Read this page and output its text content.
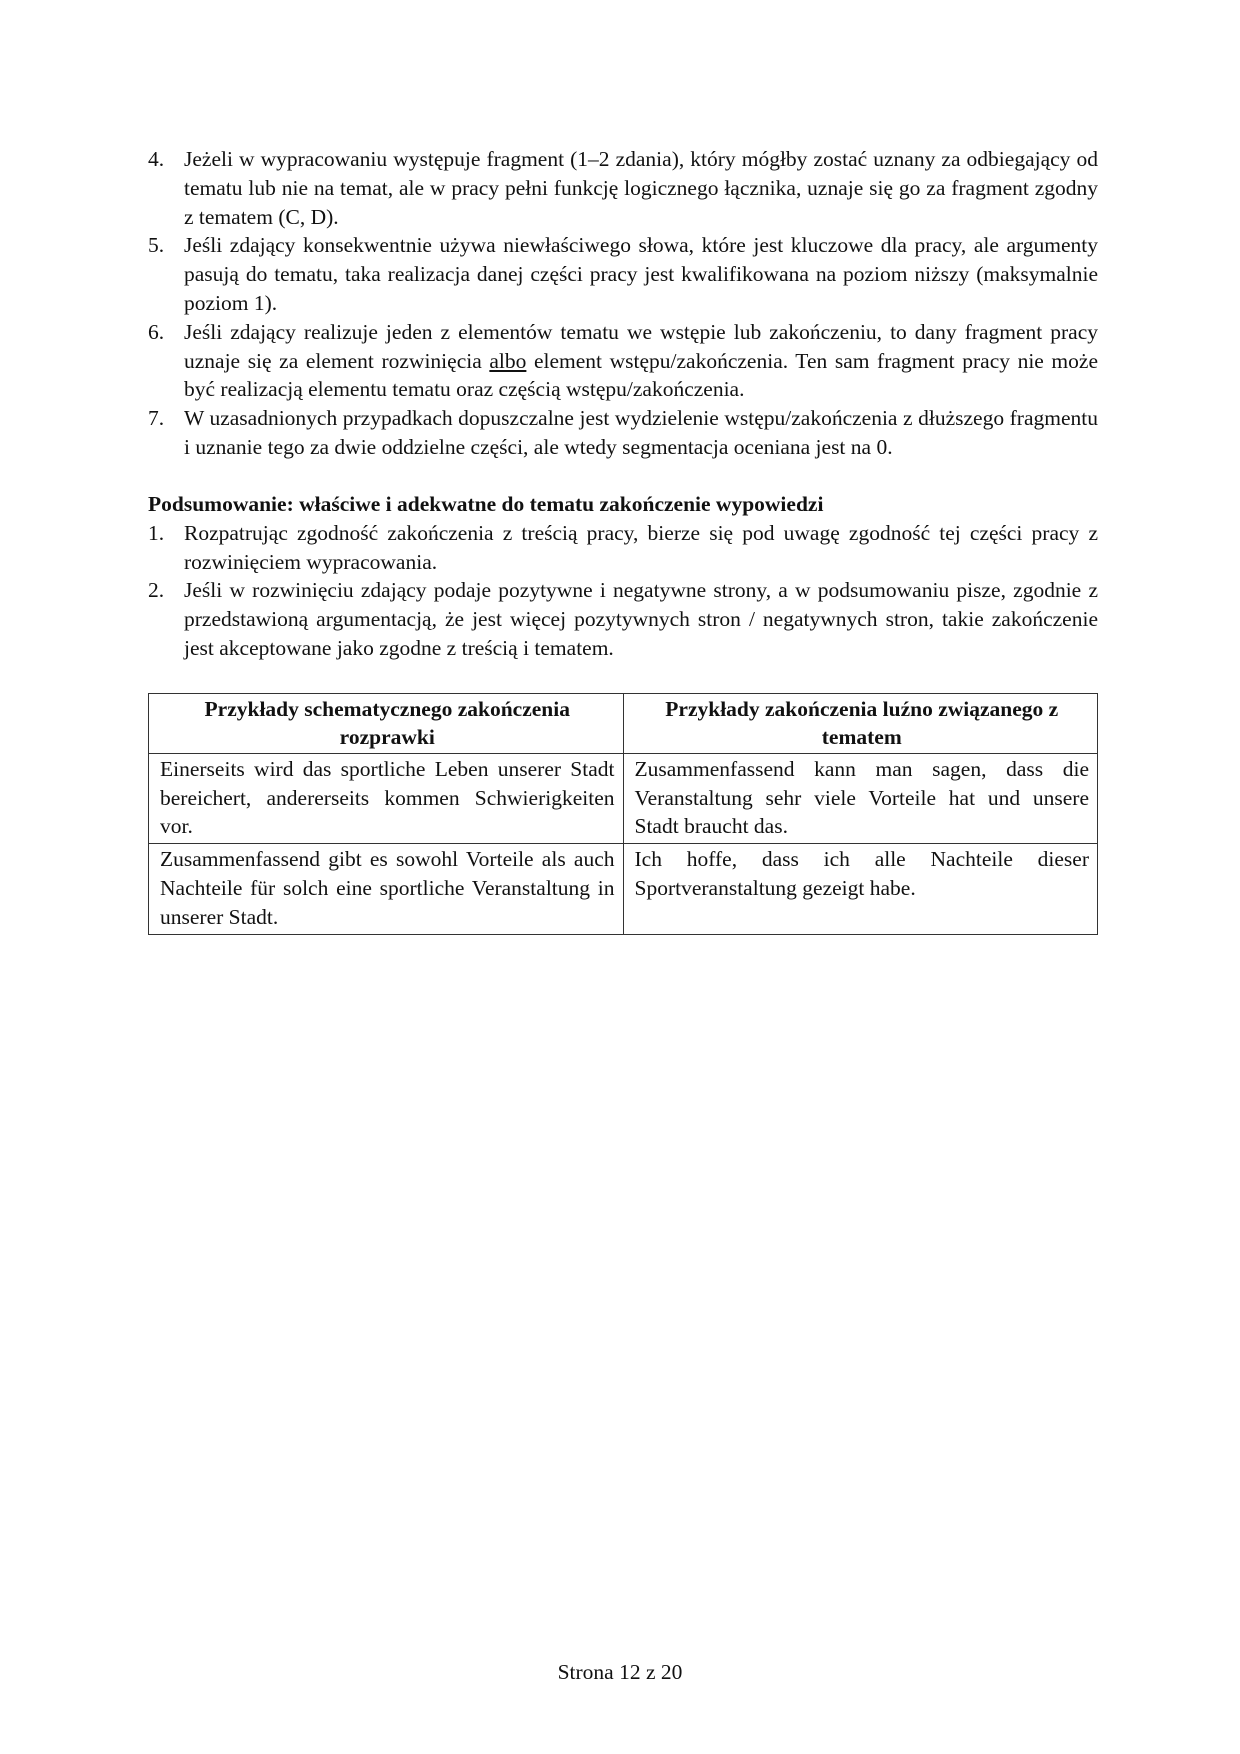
4. Jeżeli w wypracowaniu występuje fragment (1–2 zdania), który mógłby zostać uznany za odbiegający od tematu lub nie na temat, ale w pracy pełni funkcję logicznego łącznika, uznaje się go za fragment zgodny z tematem (C, D).
5. Jeśli zdający konsekwentnie używa niewłaściwego słowa, które jest kluczowe dla pracy, ale argumenty pasują do tematu, taka realizacja danej części pracy jest kwalifikowana na poziom niższy (maksymalnie poziom 1).
6. Jeśli zdający realizuje jeden z elementów tematu we wstępie lub zakończeniu, to dany fragment pracy uznaje się za element rozwinięcia albo element wstępu/zakończenia. Ten sam fragment pracy nie może być realizacją elementu tematu oraz częścią wstępu/zakończenia.
7. W uzasadnionych przypadkach dopuszczalne jest wydzielenie wstępu/zakończenia z dłuższego fragmentu i uznanie tego za dwie oddzielne części, ale wtedy segmentacja oceniana jest na 0.
Podsumowanie: właściwe i adekwatne do tematu zakończenie wypowiedzi
1. Rozpatrując zgodność zakończenia z treścią pracy, bierze się pod uwagę zgodność tej części pracy z rozwinięciem wypracowania.
2. Jeśli w rozwinięciu zdający podaje pozytywne i negatywne strony, a w podsumowaniu pisze, zgodnie z przedstawioną argumentacją, że jest więcej pozytywnych stron / negatywnych stron, takie zakończenie jest akceptowane jako zgodne z treścią i tematem.
Przykłady schematycznego zakończenia rozprawki	Przykłady zakończenia luźno związanego z tematem
Einerseits wird das sportliche Leben unserer Stadt bereichert, andererseits kommen Schwierigkeiten vor.	Zusammenfassend kann man sagen, dass die Veranstaltung sehr viele Vorteile hat und unsere Stadt braucht das.
Zusammenfassend gibt es sowohl Vorteile als auch Nachteile für solch eine sportliche Veranstaltung in unserer Stadt.	Ich hoffe, dass ich alle Nachteile dieser Sportveranstaltung gezeigt habe.
Strona 12 z 20
